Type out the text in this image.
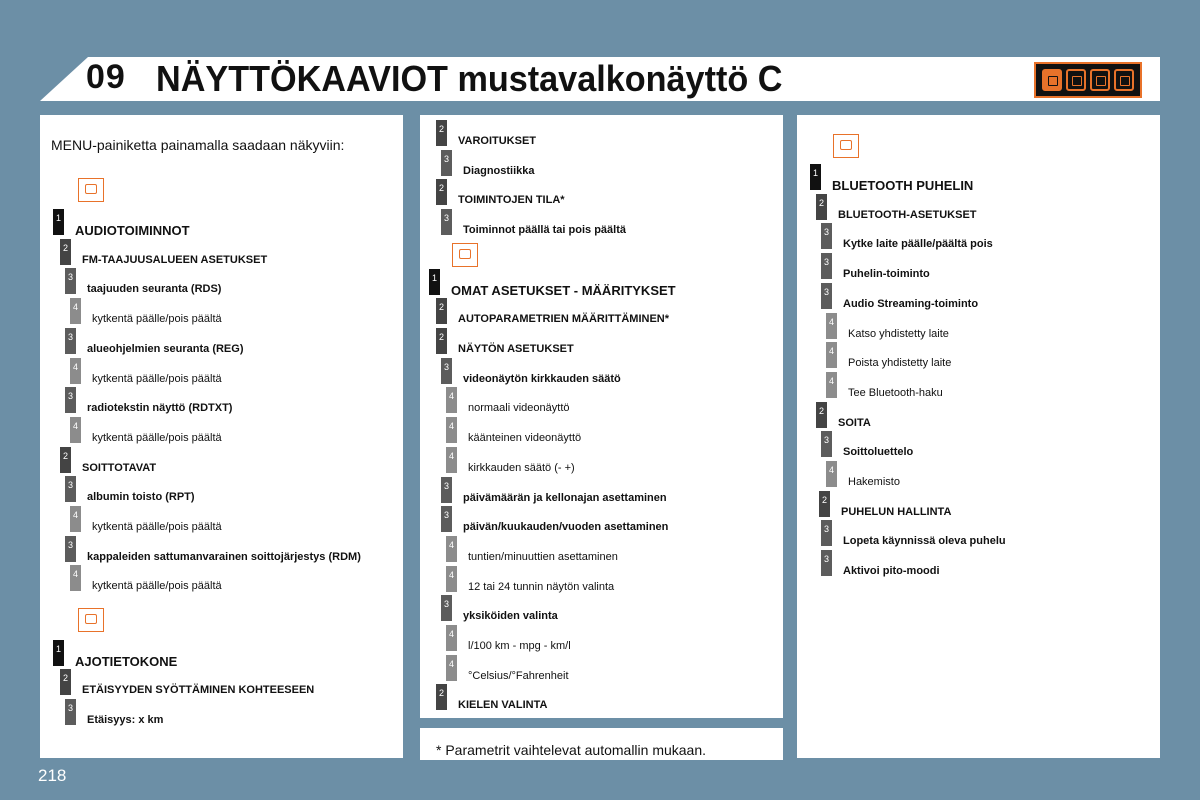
09 NÄYTTÖKAAVIOT mustavalkonäyttö C
MENU-painiketta painamalla saadaan näkyviin:
1
AUDIOTOIMINNOT
2
FM-TAAJUUSALUEEN ASETUKSET
3
taajuuden seuranta (RDS)
4
kytkentä päälle/pois päältä
3
alueohjelmien seuranta (REG)
4
kytkentä päälle/pois päältä
3
radiotekstin näyttö (RDTXT)
4
kytkentä päälle/pois päältä
2
SOITTOTAVAT
3
albumin toisto (RPT)
4
kytkentä päälle/pois päältä
3
kappaleiden sattumanvarainen soittojärjestys (RDM)
4
kytkentä päälle/pois päältä
1
AJOTIETOKONE
2
ETÄISYYDEN SYÖTTÄMINEN KOHTEESEEN
3
Etäisyys: x km
2
VAROITUKSET
3
Diagnostiikka
2
TOIMINTOJEN TILA*
3
Toiminnot päällä tai pois päältä
1
OMAT ASETUKSET - MÄÄRITYKSET
2
AUTOPARAMETRIEN MÄÄRITTÄMINEN*
2
NÄYTÖN ASETUKSET
3
videonäytön kirkkauden säätö
4
normaali videonäyttö
4
käänteinen videonäyttö
4
kirkkauden säätö (- +)
3
päivämäärän ja kellonajan asettaminen
3
päivän/kuukauden/vuoden asettaminen
4
tuntien/minuuttien asettaminen
4
12 tai 24 tunnin näytön valinta
3
yksiköiden valinta
4
l/100 km - mpg - km/l
4
°Celsius/°Fahrenheit
2
KIELEN VALINTA
1
BLUETOOTH PUHELIN
2
BLUETOOTH-ASETUKSET
3
Kytke laite päälle/päältä pois
3
Puhelin-toiminto
3
Audio Streaming-toiminto
4
Katso yhdistetty laite
4
Poista yhdistetty laite
4
Tee Bluetooth-haku
2
SOITA
3
Soittoluettelo
4
Hakemisto
2
PUHELUN HALLINTA
3
Lopeta käynnissä oleva puhelu
3
Aktivoi pito-moodi
* Parametrit vaihtelevat automallin mukaan.
218
